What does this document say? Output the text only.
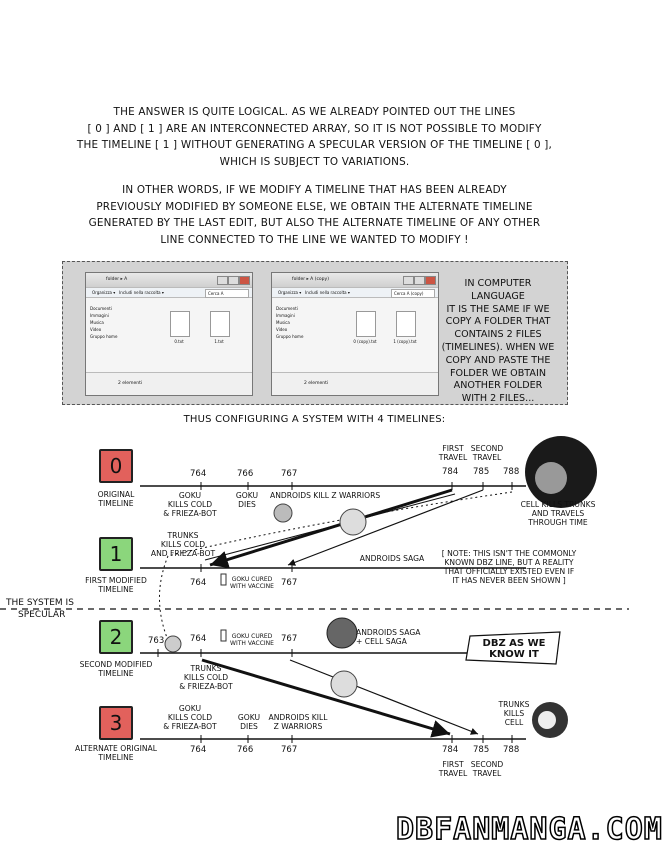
THE ANSWER IS QUITE LOGICAL. AS WE ALREADY POINTED OUT THE LINES
[ 0 ] AND [ 1 ] ARE AN INTERCONNECTED ARRAY, SO IT IS NOT POSSIBLE TO MODIFY
THE TIMELINE [ 1 ] WITHOUT GENERATING A SPECULAR VERSION OF THE TIMELINE [ 0 ],
WHICH IS SUBJECT TO VARIATIONS.
IN OTHER WORDS, IF WE MODIFY A TIMELINE THAT HAS BEEN ALREADY
PREVIOUSLY MODIFIED BY SOMEONE ELSE, WE OBTAIN THE ALTERNATE TIMELINE
GENERATED BY THE LAST EDIT, BUT ALSO THE ALTERNATE TIMELINE OF ANY OTHER
LINE CONNECTED TO THE LINE WE WANTED TO MODIFY !
folder ▸ A
Cerca A
Organizza ▾ Includi nella raccolta ▾
Documenti
Immagini
Musica
Video
Gruppo home
0.txt	1.txt
2 elementi
folder ▸ A (copy)
Cerca A (copy)
Organizza ▾ Includi nella raccolta ▾
Documenti
Immagini
Musica
Video
Gruppo home
0 (copy).txt	1 (copy).txt
2 elementi
IN COMPUTER LANGUAGE
IT IS THE SAME IF WE
COPY A FOLDER THAT
CONTAINS 2 FILES
(TIMELINES). WHEN WE
COPY AND PASTE THE
FOLDER WE OBTAIN
ANOTHER FOLDER
WITH 2 FILES...
THUS CONFIGURING A SYSTEM WITH 4 TIMELINES:
0
ORIGINAL
TIMELINE
764	766	767	784 785 788
GOKU
KILLS COLD
& FRIEZA-BOT
GOKU
DIES
ANDROIDS KILL Z WARRIORS
FIRST
TRAVEL
SECOND
TRAVEL
CELL KILLS TRUNKS
AND TRAVELS
THROUGH TIME
1
FIRST MODIFIED
TIMELINE
TRUNKS
KILLS COLD
AND FRIEZA-BOT
764	767
GOKU CURED
WITH VACCINE
ANDROIDS SAGA
[ NOTE: THIS ISN'T THE COMMONLY
KNOWN DBZ LINE, BUT A REALITY
THAT OFFICIALLY EXISTED EVEN IF
IT HAS NEVER BEEN SHOWN ]
THE SYSTEM IS
SPECULAR
2
SECOND MODIFIED
TIMELINE
763	764	767
GOKU CURED
WITH VACCINE
TRUNKS
KILLS COLD
& FRIEZA-BOT
ANDROIDS SAGA
+ CELL SAGA	DBZ AS WE
KNOW IT
3
ALTERNATE ORIGINAL
TIMELINE
GOKU
KILLS COLD
& FRIEZA-BOT
GOKU
DIES
ANDROIDS KILL
Z WARRIORS
764	766	767	784 785 788
FIRST
TRAVEL
SECOND
TRAVEL
TRUNKS
KILLS
CELL
DBFANMANGA.COM
